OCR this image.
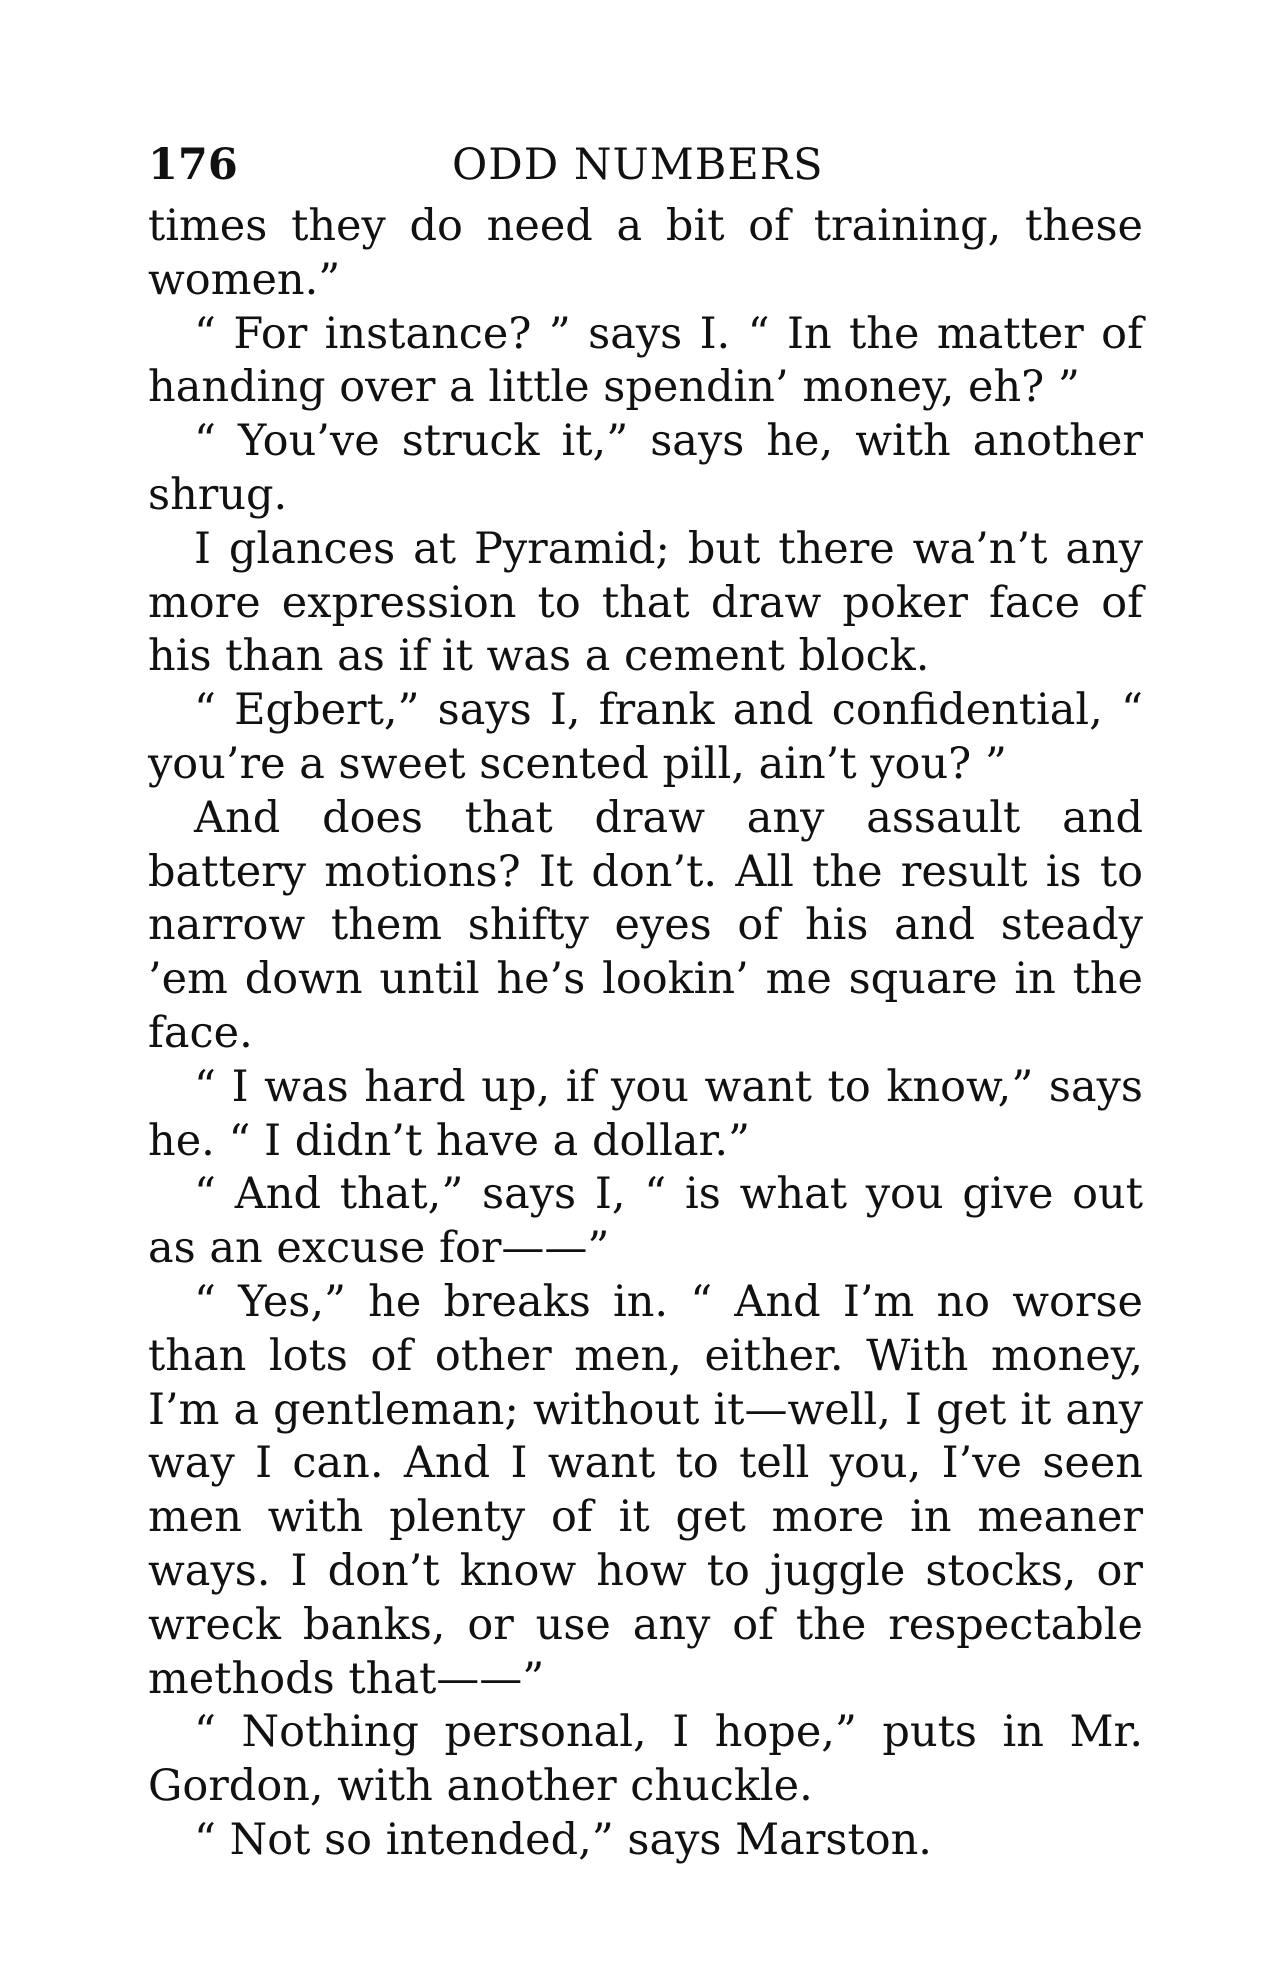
176	ODD NUMBERS

times they do need a bit of training, these women.”

“ For instance? ” says I. “ In the matter of handing over a little spendin’ money, eh? ”

“ You’ve struck it,” says he, with another shrug.

I glances at Pyramid; but there wa’n’t any more expression to that draw poker face of his than as if it was a cement block.

“ Egbert,” says I, frank and confidential, “ you’re a sweet scented pill, ain’t you? ”

And does that draw any assault and battery motions? It don’t. All the result is to narrow them shifty eyes of his and steady ’em down until he’s lookin’ me square in the face.

“ I was hard up, if you want to know,” says he. “ I didn’t have a dollar.”

“ And that,” says I, “ is what you give out as an excuse for——”

“ Yes,” he breaks in. “ And I’m no worse than lots of other men, either. With money, I’m a gentleman; without it—well, I get it any way I can. And I want to tell you, I’ve seen men with plenty of it get more in meaner ways. I don’t know how to juggle stocks, or wreck banks, or use any of the respectable methods that——”

“ Nothing personal, I hope,” puts in Mr. Gordon, with another chuckle.

“ Not so intended,” says Marston.
